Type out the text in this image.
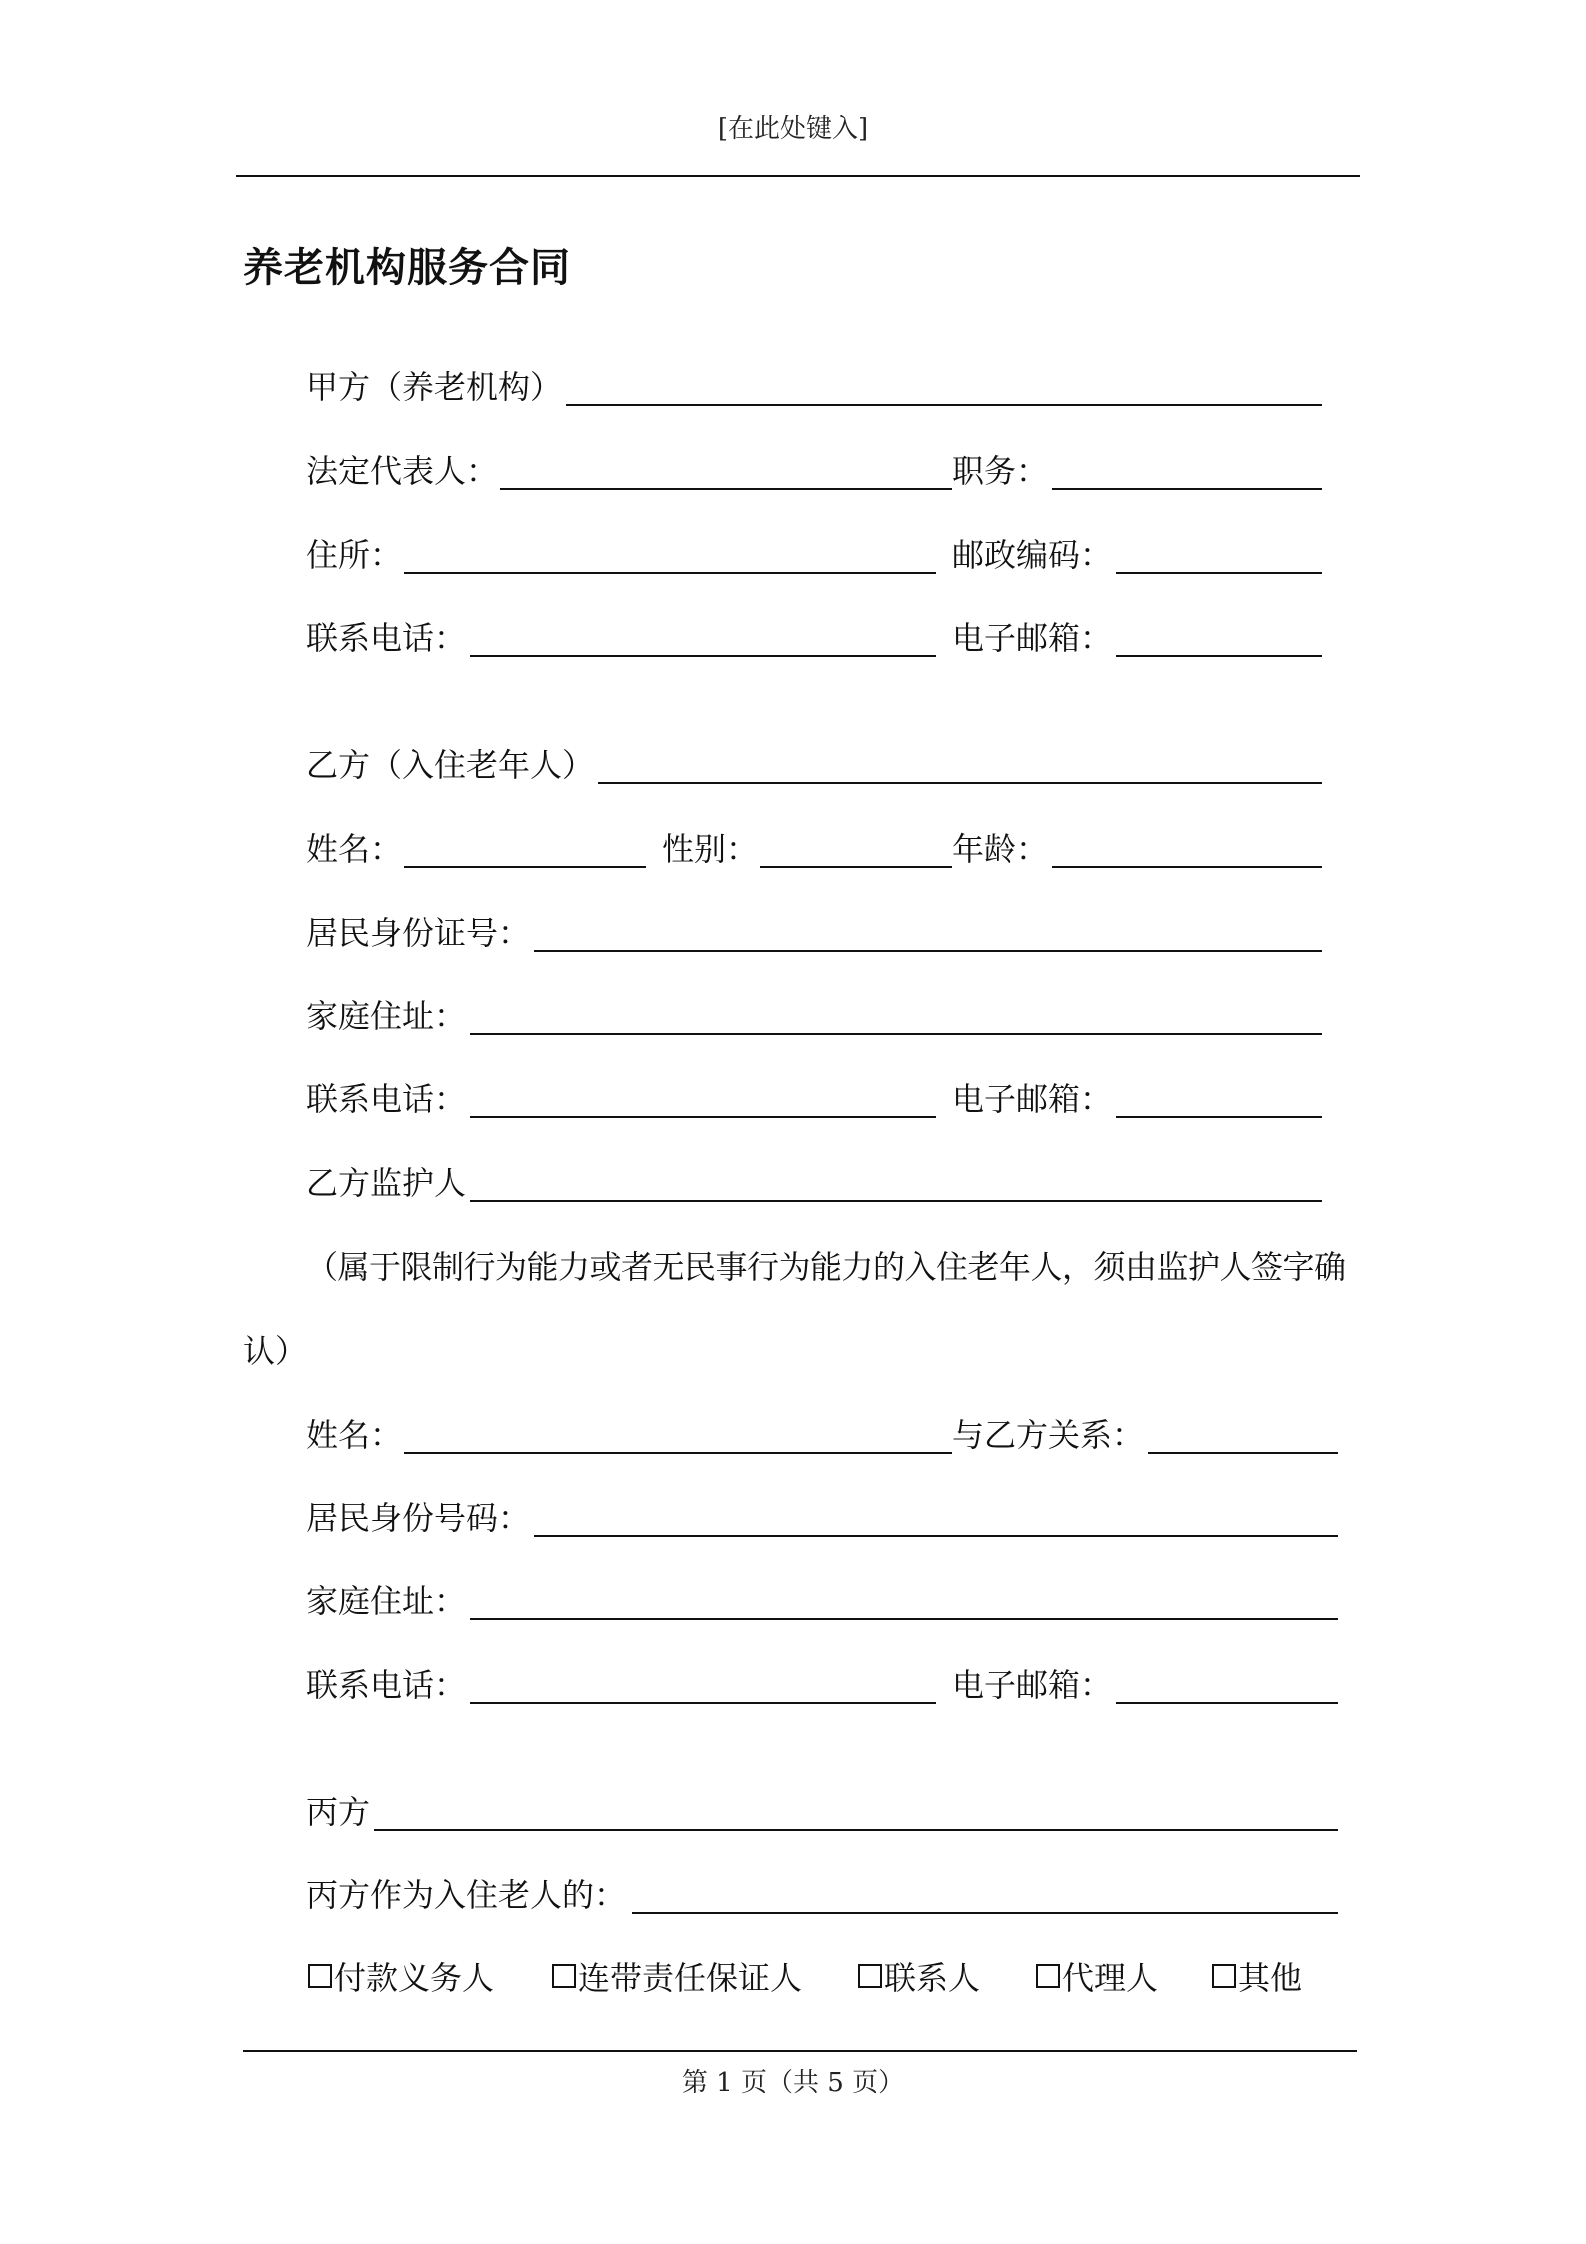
[在此处键入]
养老机构服务合同
甲方（养老机构）
法定代表人：	职务：
住所：	邮政编码：
联系电话：	电子邮箱：
乙方（入住老年人）
姓名：	性别：	年龄：
居民身份证号：
家庭住址：
联系电话：	电子邮箱：
乙方监护人
（属于限制行为能力或者无民事行为能力的入住老年人，须由监护人签字确
认）
姓名：	与乙方关系：
居民身份号码：
家庭住址：
联系电话：	电子邮箱：
丙方
丙方作为入住老人的：
付款义务人	连带责任保证人	联系人	代理人 其他
第 1 页（共 5 页）
